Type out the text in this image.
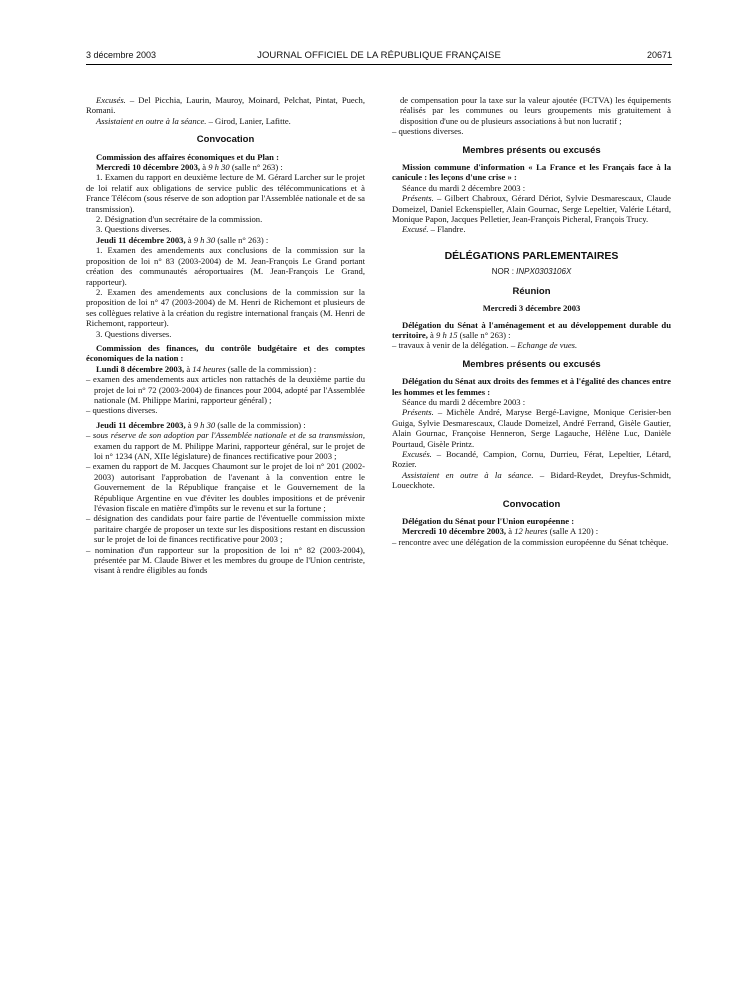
3 décembre 2003	JOURNAL OFFICIEL DE LA RÉPUBLIQUE FRANÇAISE	20671

Excusés. – Del Picchia, Laurin, Mauroy, Moinard, Pelchat, Pintat, Puech, Romani.

Assistaient en outre à la séance. – Girod, Lanier, Lafitte.

Convocation

Commission des affaires économiques et du Plan :

Mercredi 10 décembre 2003, à 9 h 30 (salle n° 263) :

1. Examen du rapport en deuxième lecture de M. Gérard Larcher sur le projet de loi relatif aux obligations de service public des télécommunications et à France Télécom (sous réserve de son adoption par l'Assemblée nationale et de sa transmission).

2. Désignation d'un secrétaire de la commission.

3. Questions diverses.

Jeudi 11 décembre 2003, à 9 h 30 (salle n° 263) :

1. Examen des amendements aux conclusions de la commission sur la proposition de loi n° 83 (2003-2004) de M. Jean-François Le Grand portant création des communautés aéroportuaires (M. Jean-François Le Grand, rapporteur).

2. Examen des amendements aux conclusions de la commission sur la proposition de loi n° 47 (2003-2004) de M. Henri de Richemont et plusieurs de ses collègues relative à la création du registre international français (M. Henri de Richemont, rapporteur).

3. Questions diverses.

Commission des finances, du contrôle budgétaire et des comptes économiques de la nation :

Lundi 8 décembre 2003, à 14 heures (salle de la commission) :

– examen des amendements aux articles non rattachés de la deuxième partie du projet de loi n° 72 (2003-2004) de finances pour 2004, adopté par l'Assemblée nationale (M. Philippe Marini, rapporteur général) ;

– questions diverses.

Jeudi 11 décembre 2003, à 9 h 30 (salle de la commission) :

– sous réserve de son adoption par l'Assemblée nationale et de sa transmission, examen du rapport de M. Philippe Marini, rapporteur général, sur le projet de loi n° 1234 (AN, XIIe législature) de finances rectificative pour 2003 ;

– examen du rapport de M. Jacques Chaumont sur le projet de loi n° 201 (2002-2003) autorisant l'approbation de l'avenant à la convention entre le Gouvernement de la République française et le Gouvernement de la République Argentine en vue d'éviter les doubles impositions et de prévenir l'évasion fiscale en matière d'impôts sur le revenu et sur la fortune ;

– désignation des candidats pour faire partie de l'éventuelle commission mixte paritaire chargée de proposer un texte sur les dispositions restant en discussion sur le projet de loi de finances rectificative pour 2003 ;

– nomination d'un rapporteur sur la proposition de loi n° 82 (2003-2004), présentée par M. Claude Biwer et les membres du groupe de l'Union centriste, visant à rendre éligibles au fonds

de compensation pour la taxe sur la valeur ajoutée (FCTVA) les équipements réalisés par les communes ou leurs groupements mis gratuitement à disposition d'une ou de plusieurs associations à but non lucratif ;

– questions diverses.

Membres présents ou excusés

Mission commune d'information « La France et les Français face à la canicule : les leçons d'une crise » :

Séance du mardi 2 décembre 2003 :

Présents. – Gilbert Chabroux, Gérard Dériot, Sylvie Desmarescaux, Claude Domeizel, Daniel Eckenspieller, Alain Gournac, Serge Lepeltier, Valérie Létard, Monique Papon, Jacques Pelletier, Jean-François Picheral, François Trucy.

Excusé. – Flandre.

DÉLÉGATIONS PARLEMENTAIRES
NOR : INPX0303106X
Réunion

Mercredi 3 décembre 2003

Délégation du Sénat à l'aménagement et au développement durable du territoire, à 9 h 15 (salle n° 263) :

– travaux à venir de la délégation. – Echange de vues.

Membres présents ou excusés

Délégation du Sénat aux droits des femmes et à l'égalité des chances entre les hommes et les femmes :

Séance du mardi 2 décembre 2003 :

Présents. – Michèle André, Maryse Bergé-Lavigne, Monique Cerisier-ben Guiga, Sylvie Desmarescaux, Claude Domeizel, André Ferrand, Gisèle Gautier, Alain Gournac, Françoise Henneron, Serge Lagauche, Hélène Luc, Danièle Pourtaud, Gisèle Printz.

Excusés. – Bocandé, Campion, Cornu, Durrieu, Férat, Lepeltier, Létard, Rozier.

Assistaient en outre à la séance. – Bidard-Reydet, Dreyfus-Schmidt, Loueckhote.

Convocation

Délégation du Sénat pour l'Union européenne :

Mercredi 10 décembre 2003, à 12 heures (salle A 120) :

– rencontre avec une délégation de la commission européenne du Sénat tchèque.
